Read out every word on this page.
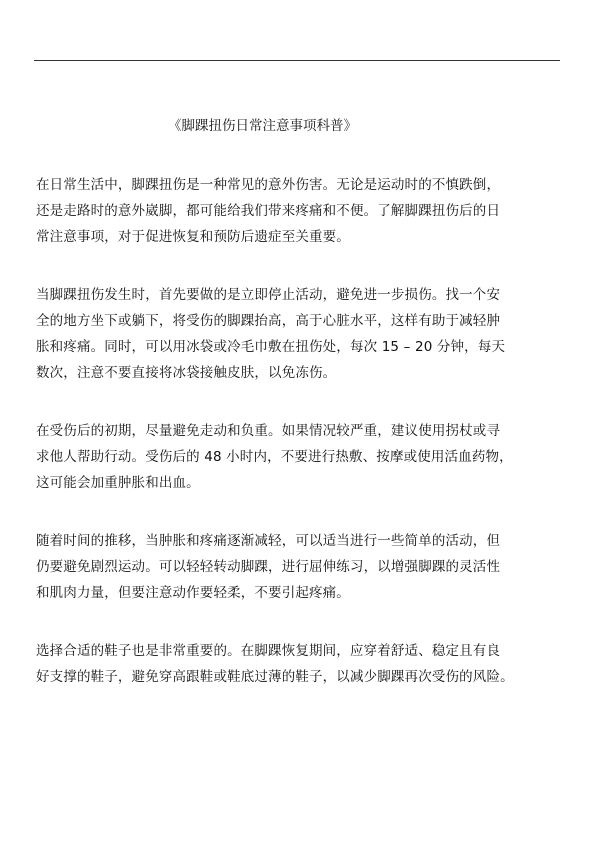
《脚踝扭伤日常注意事项科普》
在日常生活中，脚踝扭伤是一种常见的意外伤害。无论是运动时的不慎跌倒，
还是走路时的意外崴脚，都可能给我们带来疼痛和不便。了解脚踝扭伤后的日
常注意事项，对于促进恢复和预防后遗症至关重要。
当脚踝扭伤发生时，首先要做的是立即停止活动，避免进一步损伤。找一个安
全的地方坐下或躺下，将受伤的脚踝抬高，高于心脏水平，这样有助于减轻肿
胀和疼痛。同时，可以用冰袋或冷毛巾敷在扭伤处，每次 15 – 20 分钟，每天
数次，注意不要直接将冰袋接触皮肤，以免冻伤。
在受伤后的初期，尽量避免走动和负重。如果情况较严重，建议使用拐杖或寻
求他人帮助行动。受伤后的 48 小时内，不要进行热敷、按摩或使用活血药物，
这可能会加重肿胀和出血。
随着时间的推移，当肿胀和疼痛逐渐减轻，可以适当进行一些简单的活动，但
仍要避免剧烈运动。可以轻轻转动脚踝，进行屈伸练习，以增强脚踝的灵活性
和肌肉力量，但要注意动作要轻柔，不要引起疼痛。
选择合适的鞋子也是非常重要的。在脚踝恢复期间，应穿着舒适、稳定且有良
好支撑的鞋子，避免穿高跟鞋或鞋底过薄的鞋子，以减少脚踝再次受伤的风险。
